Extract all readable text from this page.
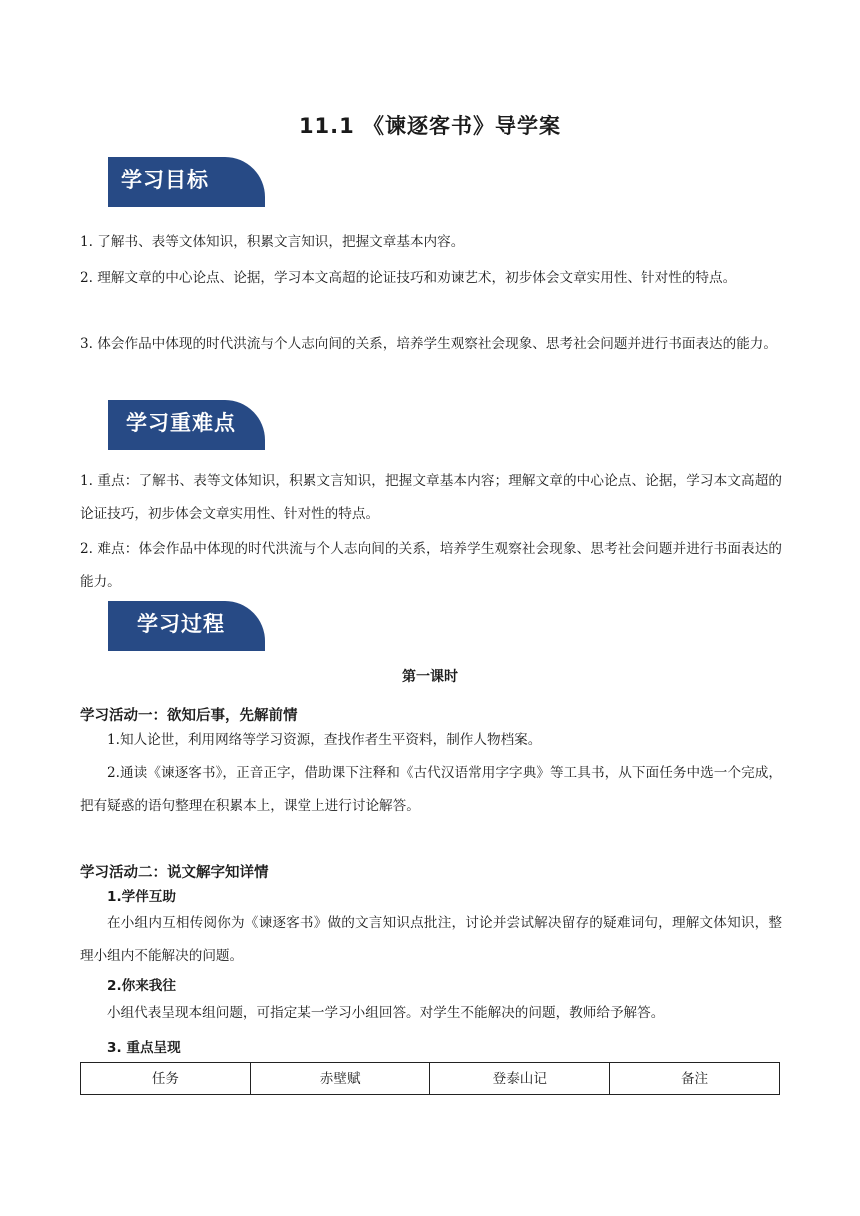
11.1 《谏逐客书》导学案
学习目标
1. 了解书、表等文体知识，积累文言知识，把握文章基本内容。
2. 理解文章的中心论点、论据，学习本文高超的论证技巧和劝谏艺术，初步体会文章实用性、针对性的特点。
3. 体会作品中体现的时代洪流与个人志向间的关系，培养学生观察社会现象、思考社会问题并进行书面表达的能力。
学习重难点
1. 重点：了解书、表等文体知识，积累文言知识，把握文章基本内容；理解文章的中心论点、论据，学习本文高超的论证技巧，初步体会文章实用性、针对性的特点。
2. 难点：体会作品中体现的时代洪流与个人志向间的关系，培养学生观察社会现象、思考社会问题并进行书面表达的能力。
学习过程
第一课时
学习活动一：欲知后事，先解前情
1.知人论世，利用网络等学习资源，查找作者生平资料，制作人物档案。
2.通读《谏逐客书》，正音正字，借助课下注释和《古代汉语常用字字典》等工具书，从下面任务中选一个完成，把有疑惑的语句整理在积累本上，课堂上进行讨论解答。
学习活动二：说文解字知详情
1.学伴互助
在小组内互相传阅你为《谏逐客书》做的文言知识点批注，讨论并尝试解决留存的疑难词句，理解文体知识，整理小组内不能解决的问题。
2.你来我往
小组代表呈现本组问题，可指定某一学习小组回答。对学生不能解决的问题，教师给予解答。
3. 重点呈现
任务	赤壁赋	登泰山记	备注
